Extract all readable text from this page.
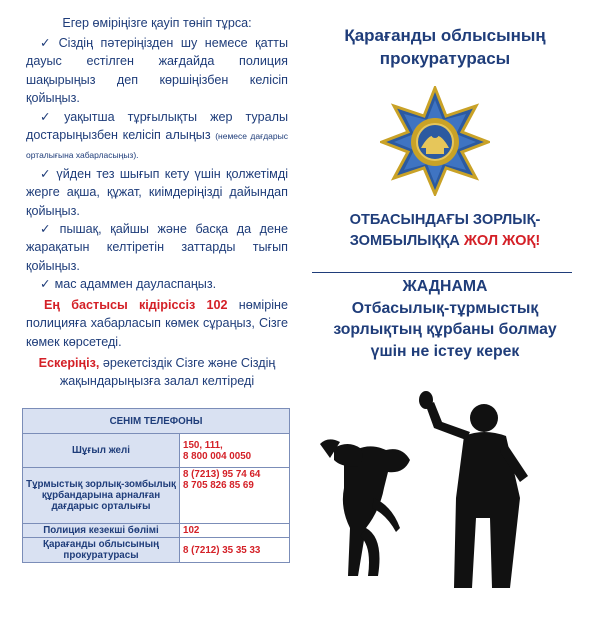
Егер өміріңізге қауіп төніп тұрса:

✓ Сіздің пәтеріңізден шу немесе қатты дауыс естілген жағдайда полиция шақырыңыз деп көршіңізбен келісіп қойыңыз.

✓ уақытша тұрғылықты жер туралы достарыңызбен келісіп алыңыз (немесе дағдарыс орталығына хабарласыңыз).

✓ үйден тез шығып кету үшін қолжетімді жерге ақша, құжат, киімдеріңізді дайындап қойыңыз.

✓ пышақ, қайшы және басқа да дене жарақатын келтіретін заттарды тығып қойыңыз.

✓ мас адаммен дауласпаңыз.

Ең бастысы кідіріссіз 102 нөміріне полицияға хабарласып көмек сұраңыз, Сізге көмек көрсетеді.

Ескеріңіз, әрекетсіздік Сізге және Сіздің жақындарыңызға залал келтіреді

СЕНІМ ТЕЛЕФОНЫ	
Шұғыл желі	150, 111,
8 800 004 0050
Тұрмыстық зорлық-зомбылық құрбандарына арналған дағдарыс орталығы	8 (7213) 95 74 64
8 705 826 85 69
Полиция кезекші бөлімі	102
Қарағанды облысының прокуратурасы	8 (7212) 35 35 33
Қарағанды облысының
прокуратурасы
ОТБАСЫНДАҒЫ ЗОРЛЫҚ-
ЗОМБЫЛЫҚҚА ЖОЛ ЖОҚ!
ЖАДНАМА
Отбасылық-тұрмыстық
зорлықтың құрбаны болмау
үшін не істеу керек
